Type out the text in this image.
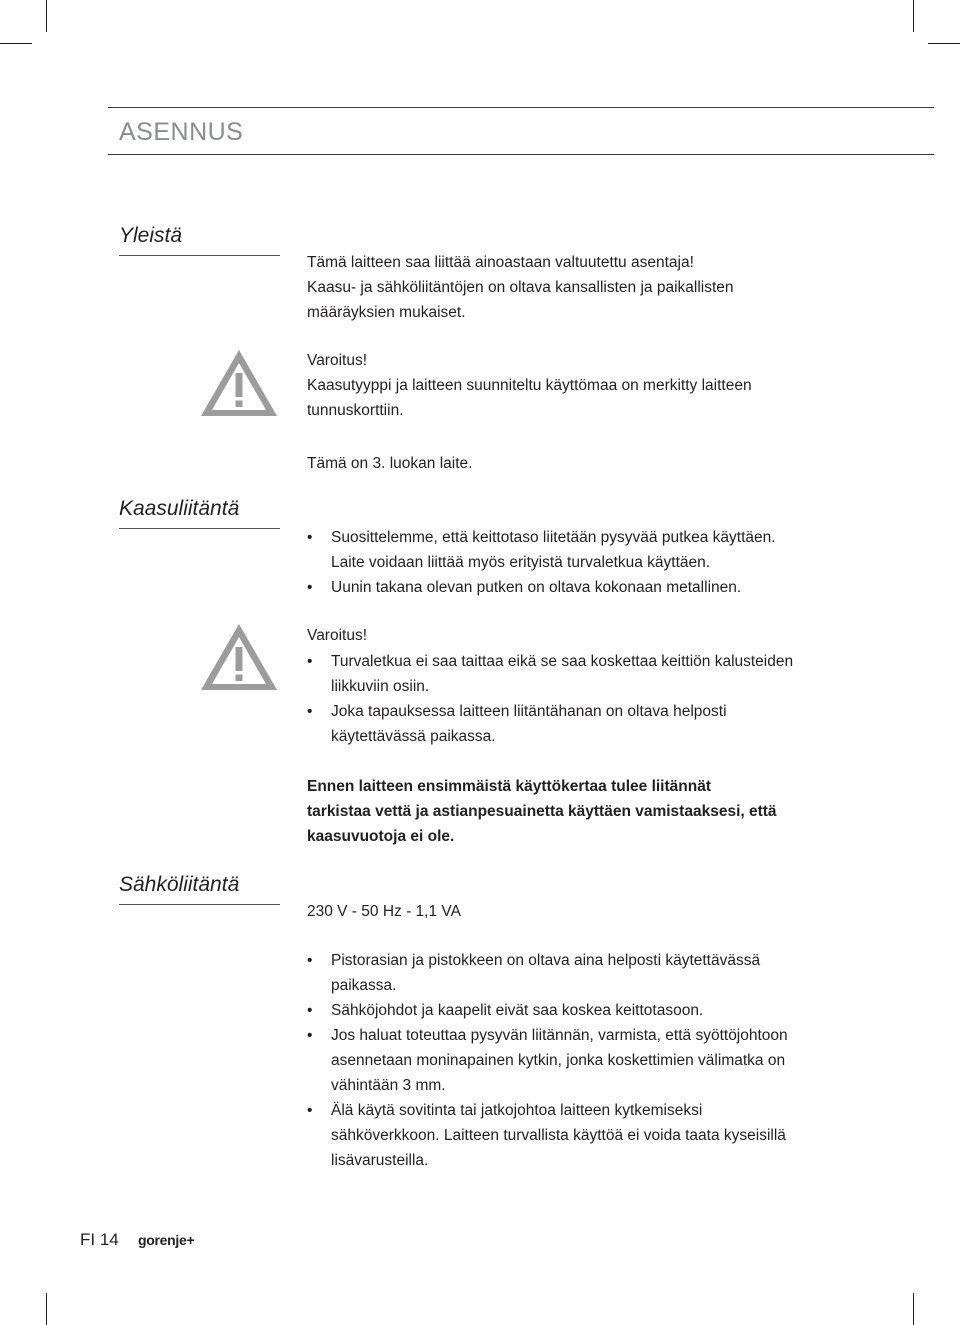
ASENNUS
Yleistä
Tämä laitteen saa liittää ainoastaan valtuutettu asentaja!
Kaasu- ja sähköliitäntöjen on oltava kansallisten ja paikallisten
määräyksien mukaiset.
Varoitus!
Kaasutyyppi ja laitteen suunniteltu käyttömaa on merkitty laitteen
tunnuskorttiin.
Tämä on 3. luokan laite.
Kaasuliitäntä
• Suosittelemme, että keittotaso liitetään pysyvää putkea käyttäen.
Laite voidaan liittää myös erityistä turvaletkua käyttäen.
• Uunin takana olevan putken on oltava kokonaan metallinen.
Varoitus!
• Turvaletkua ei saa taittaa eikä se saa koskettaa keittiön kalusteiden
liikkuviin osiin.
• Joka tapauksessa laitteen liitäntähanan on oltava helposti
käytettävässä paikassa.
Ennen laitteen ensimmäistä käyttökertaa tulee liitännät
tarkistaa vettä ja astianpesuainetta käyttäen vamistaaksesi, että
kaasuvuotoja ei ole.
Sähköliitäntä
230 V - 50 Hz - 1,1 VA
• Pistorasian ja pistokkeen on oltava aina helposti käytettävässä
paikassa.
• Sähköjohdot ja kaapelit eivät saa koskea keittotasoon.
• Jos haluat toteuttaa pysyvän liitännän, varmista, että syöttöjohtoon
asennetaan moninapainen kytkin, jonka koskettimien välimatka on
vähintään 3 mm.
• Älä käytä sovitinta tai jatkojohtoa laitteen kytkemiseksi
sähköverkkoon. Laitteen turvallista käyttöä ei voida taata kyseisillä
lisävarusteilla.
FI 14 gorenje+
